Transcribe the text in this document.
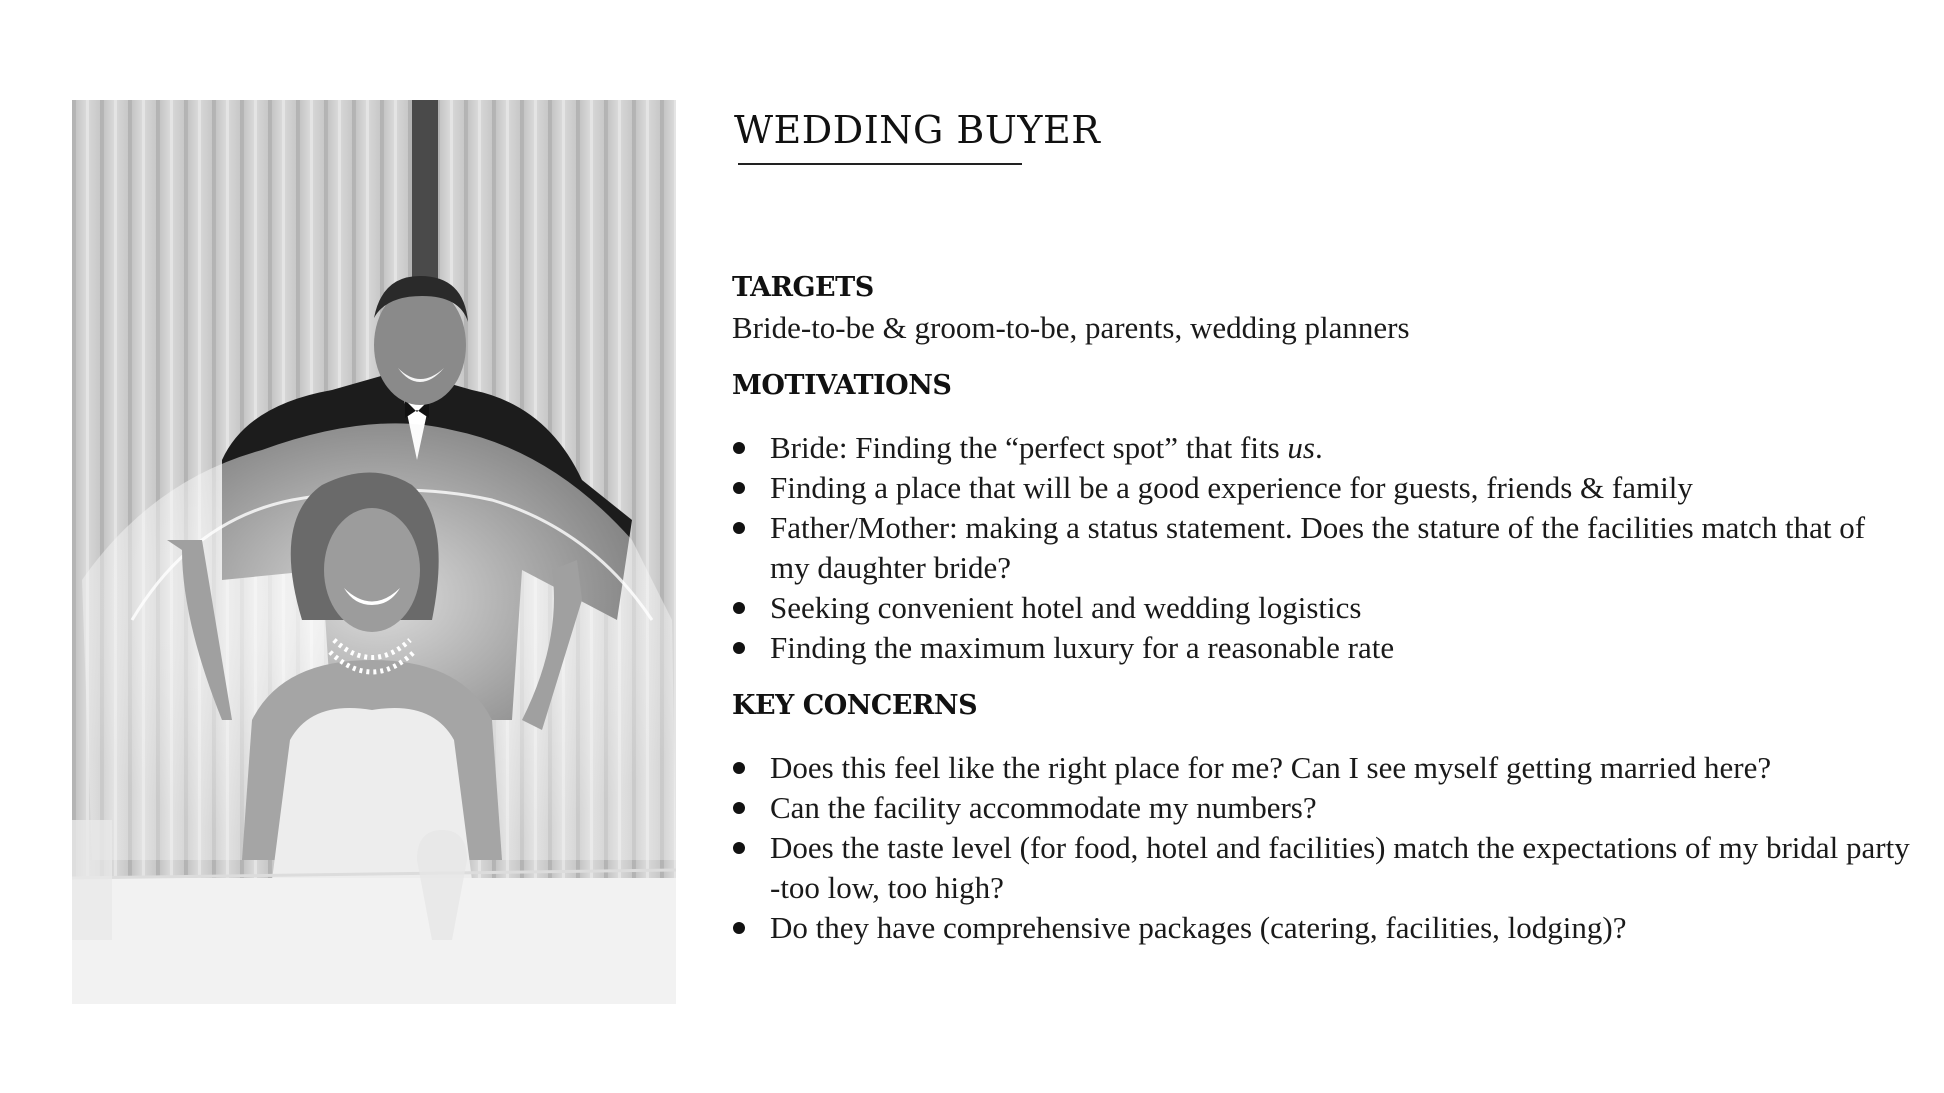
WEDDING BUYER
TARGETS
Bride-to-be & groom-to-be, parents, wedding planners
MOTIVATIONS
Bride: Finding the “perfect spot” that fits us.
Finding a place that will be a good experience for guests, friends & family
Father/Mother: making a status statement. Does the stature of the facilities match that of my daughter bride?
Seeking convenient hotel and wedding logistics
Finding the maximum luxury for a reasonable rate
KEY CONCERNS
Does this feel like the right place for me? Can I see myself getting married here?
Can the facility accommodate my numbers?
Does the taste level (for food, hotel and facilities) match the expectations of my bridal party -too low, too high?
Do they have comprehensive packages (catering, facilities, lodging)?
